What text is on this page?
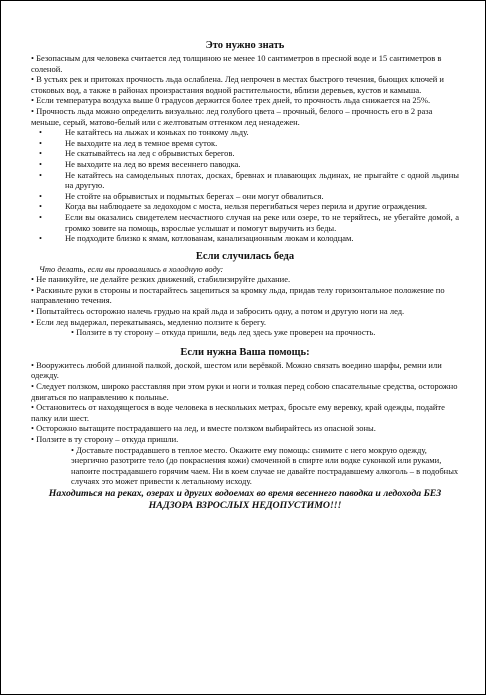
Это нужно знать

• Безопасным для человека считается лед толщиною не менее 10 сантиметров в пресной воде и 15 сантиметров в соленой.

• В устьях рек и притоках прочность льда ослаблена. Лед непрочен в местах быстрого течения, бьющих ключей и стоковых вод, а также в районах произрастания водной растительности, вблизи деревьев, кустов и камыша.

• Если температура воздуха выше 0 градусов держится более трех дней, то прочность льда снижается на 25%.

• Прочность льда можно определить визуально: лед голубого цвета – прочный, белого – прочность его в 2 раза меньше, серый, матово-белый или с желтоватым оттенком лед ненадежен.

• Не катайтесь на лыжах и коньках по тонкому льду.
• Не выходите на лед в темное время суток.
• Не скатывайтесь на лед с обрывистых берегов.
• Не выходите на лед во время весеннего паводка.
• Не катайтесь на самодельных плотах, досках, бревнах и плавающих льдинах, не прыгайте с одной льдины на другую.
• Не стойте на обрывистых и подмытых берегах – они могут обвалиться.
• Когда вы наблюдаете за ледоходом с моста, нельзя перегибаться через перила и другие ограждения.
• Если вы оказались свидетелем несчастного случая на реке или озере, то не теряйтесь, не убегайте домой, а громко зовите на помощь, взрослые услышат и помогут выручить из беды.
• Не подходите близко к ямам, котлованам, канализационным люкам и колодцам.

Если случилась беда

Что делать, если вы провалились в холодную воду:

• Не паникуйте, не делайте резких движений, стабилизируйте дыхание.

• Раскиньте руки в стороны и постарайтесь зацепиться за кромку льда, придав телу горизонтальное положение по направлению течения.

• Попытайтесь осторожно налечь грудью на край льда и забросить одну, а потом и другую ноги на лед.

• Если лед выдержал, перекатываясь, медленно ползите к берегу.

• Ползите в ту сторону – откуда пришли, ведь лед здесь уже проверен на прочность.

Если нужна Ваша помощь:

• Вооружитесь любой длинной палкой, доской, шестом или верёвкой. Можно связать воедино шарфы, ремни или одежду.

• Следует ползком, широко расставляя при этом руки и ноги и толкая перед собою спасательные средства, осторожно двигаться по направлению к полынье.

• Остановитесь от находящегося в воде человека в нескольких метрах, бросьте ему веревку, край одежды, подайте палку или шест.

• Осторожно вытащите пострадавшего на лед, и вместе ползком выбирайтесь из опасной зоны.

• Ползите в ту сторону – откуда пришли.

• Доставьте пострадавшего в теплое место. Окажите ему помощь: снимите с него мокрую одежду, энергично разотрите тело (до покраснения кожи) смоченной в спирте или водке суконкой или руками, напоите пострадавшего горячим чаем. Ни в коем случае не давайте пострадавшему алкоголь – в подобных случаях это может привести к летальному исходу.

Находиться на реках, озерах и других водоемах во время весеннего паводка и ледохода БЕЗ НАДЗОРА ВЗРОСЛЫХ НЕДОПУСТИМО!!!
